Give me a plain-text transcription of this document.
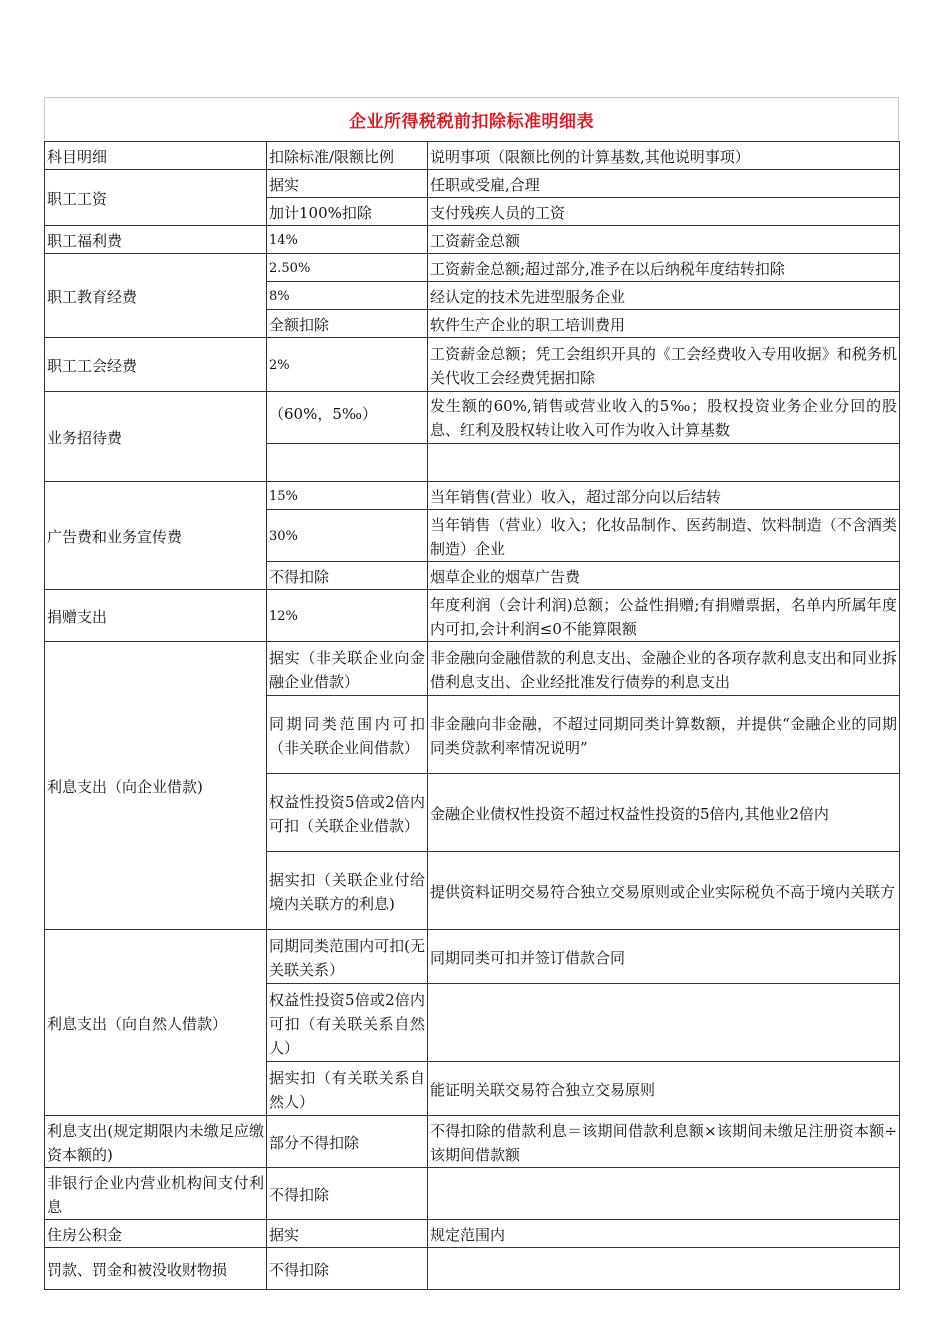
企业所得税税前扣除标准明细表
科目明细	扣除标准/限额比例	说明事项（限额比例的计算基数,其他说明事项）
职工工资	据实	任职或受雇,合理
	加计100%扣除	支付残疾人员的工资
职工福利费	14%	工资薪金总额
职工教育经费	2.50%	工资薪金总额;超过部分,准予在以后纳税年度结转扣除
	8%	经认定的技术先进型服务企业
	全额扣除	软件生产企业的职工培训费用
职工工会经费	2%	工资薪金总额；凭工会组织开具的《工会经费收入专用收据》和税务机关代收工会经费凭据扣除
业务招待费	（60%，5‰）	发生额的60%,销售或营业收入的5‰；股权投资业务企业分回的股息、红利及股权转让收入可作为收入计算基数

广告费和业务宣传费	15%	当年销售(营业）收入，超过部分向以后结转
	30%	当年销售（营业）收入；化妆品制作、医药制造、饮料制造（不含酒类制造）企业
	不得扣除	烟草企业的烟草广告费
捐赠支出	12%	年度利润（会计利润)总额；公益性捐赠;有捐赠票据，名单内所属年度内可扣,会计利润≤0不能算限额
利息支出（向企业借款)	据实（非关联企业向金融企业借款）	非金融向金融借款的利息支出、金融企业的各项存款利息支出和同业拆借利息支出、企业经批准发行债券的利息支出
	同期同类范围内可扣（非关联企业间借款）	非金融向非金融，不超过同期同类计算数额，并提供“金融企业的同期同类贷款利率情况说明”
	权益性投资5倍或2倍内可扣（关联企业借款）	金融企业债权性投资不超过权益性投资的5倍内,其他业2倍内
	据实扣（关联企业付给境内关联方的利息)	提供资料证明交易符合独立交易原则或企业实际税负不高于境内关联方
利息支出（向自然人借款）	同期同类范围内可扣(无关联关系）	同期同类可扣并签订借款合同
	权益性投资5倍或2倍内可扣（有关联关系自然人）	
	据实扣（有关联关系自然人）	能证明关联交易符合独立交易原则
利息支出(规定期限内未缴足应缴资本额的)	部分不得扣除	不得扣除的借款利息＝该期间借款利息额×该期间未缴足注册资本额÷该期间借款额
非银行企业内营业机构间支付利息	不得扣除	
住房公积金	据实	规定范围内
罚款、罚金和被没收财物损	不得扣除	
